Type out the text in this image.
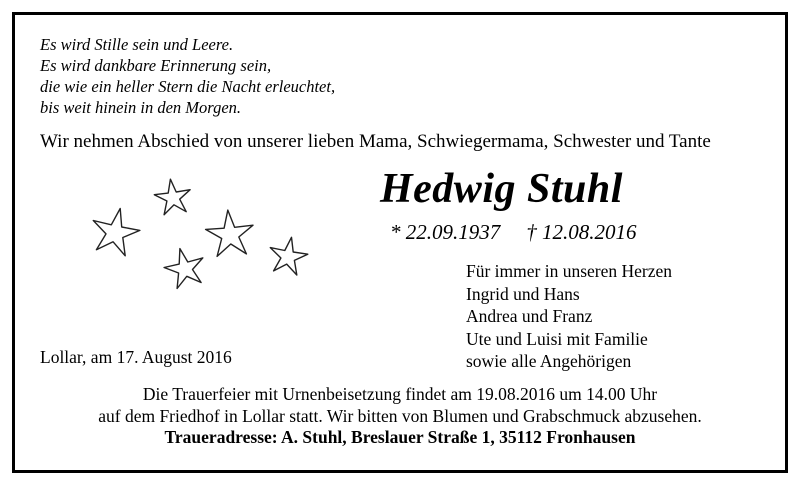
Es wird Stille sein und Leere.
Es wird dankbare Erinnerung sein,
die wie ein heller Stern die Nacht erleuchtet,
bis weit hinein in den Morgen.
Wir nehmen Abschied von unserer lieben Mama, Schwiegermama, Schwester und Tante
Hedwig Stuhl
* 22.09.1937 † 12.08.2016
Für immer in unseren Herzen
Ingrid und Hans
Andrea und Franz
Ute und Luisi mit Familie
sowie alle Angehörigen
Lollar, am 17. August 2016
Die Trauerfeier mit Urnenbeisetzung findet am 19.08.2016 um 14.00 Uhr
auf dem Friedhof in Lollar statt. Wir bitten von Blumen und Grabschmuck abzusehen.
Traueradresse: A. Stuhl, Breslauer Straße 1, 35112 Fronhausen
